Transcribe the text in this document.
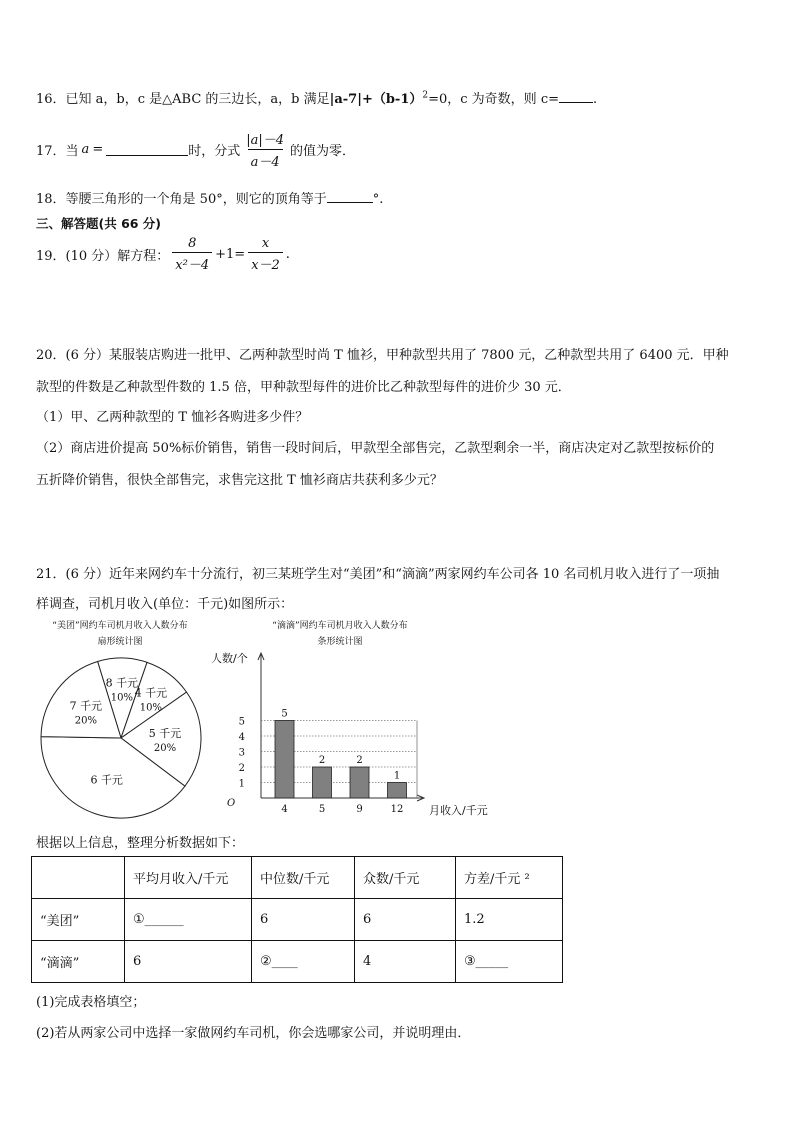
16．已知 a，b，c 是△ABC 的三边长，a，b 满足$|a-7|+(b-1)^2=0$，c 为奇数，则 c=	.
17．当 a =	时，分式 $\frac{|a|-4}{a-4}$ 的值为零．
18．等腰三角形的一个角是 50°，则它的顶角等于	°.
三、解答题(共 66 分)
19．(10 分）解方程： $\frac{8}{\text{x²－4}} +1= \frac{x}{x-2}$ .
20．(6 分）某服装店购进一批甲、乙两种款型时尚 T 恤衫，甲种款型共用了 7800 元，乙种款型共用了 6400 元．甲种
款型的件数是乙种款型件数的 1.5 倍，甲种款型每件的进价比乙种款型每件的进价少 30 元．
（1）甲、乙两种款型的 T 恤衫各购进多少件？
（2）商店进价提高 50%标价销售，销售一段时间后，甲款型全部售完，乙款型剩余一半，商店决定对乙款型按标价的
五折降价销售，很快全部售完，求售完这批 T 恤衫商店共获利多少元？
21．(6 分）近年来网约车十分流行，初三某班学生对“美团”和“滴滴”两家网约车公司各 10 名司机月收入进行了一项抽
样调查，司机月收入(单位：千元)如图所示：
“美团”网约车司机月收入人数分布
扇形统计图
“滴滴”网约车司机月收入人数分布
条形统计图
8 千元
10% 4 千元
10%
5 千元
20%
6 千元
7 千元
20%
1
2
3
4
5
O
人数/个
月收入/千元
5
4
2
5
2
9
1
12
根据以上信息，整理分析数据如下：
	平均月收入/千元	中位数/千元	众数/千元	方差/千元 ²
“美团”	①______	6	6	1.2
“滴滴”	6	②____	4	③_____
(1)完成表格填空；
(2)若从两家公司中选择一家做网约车司机，你会选哪家公司，并说明理由．
